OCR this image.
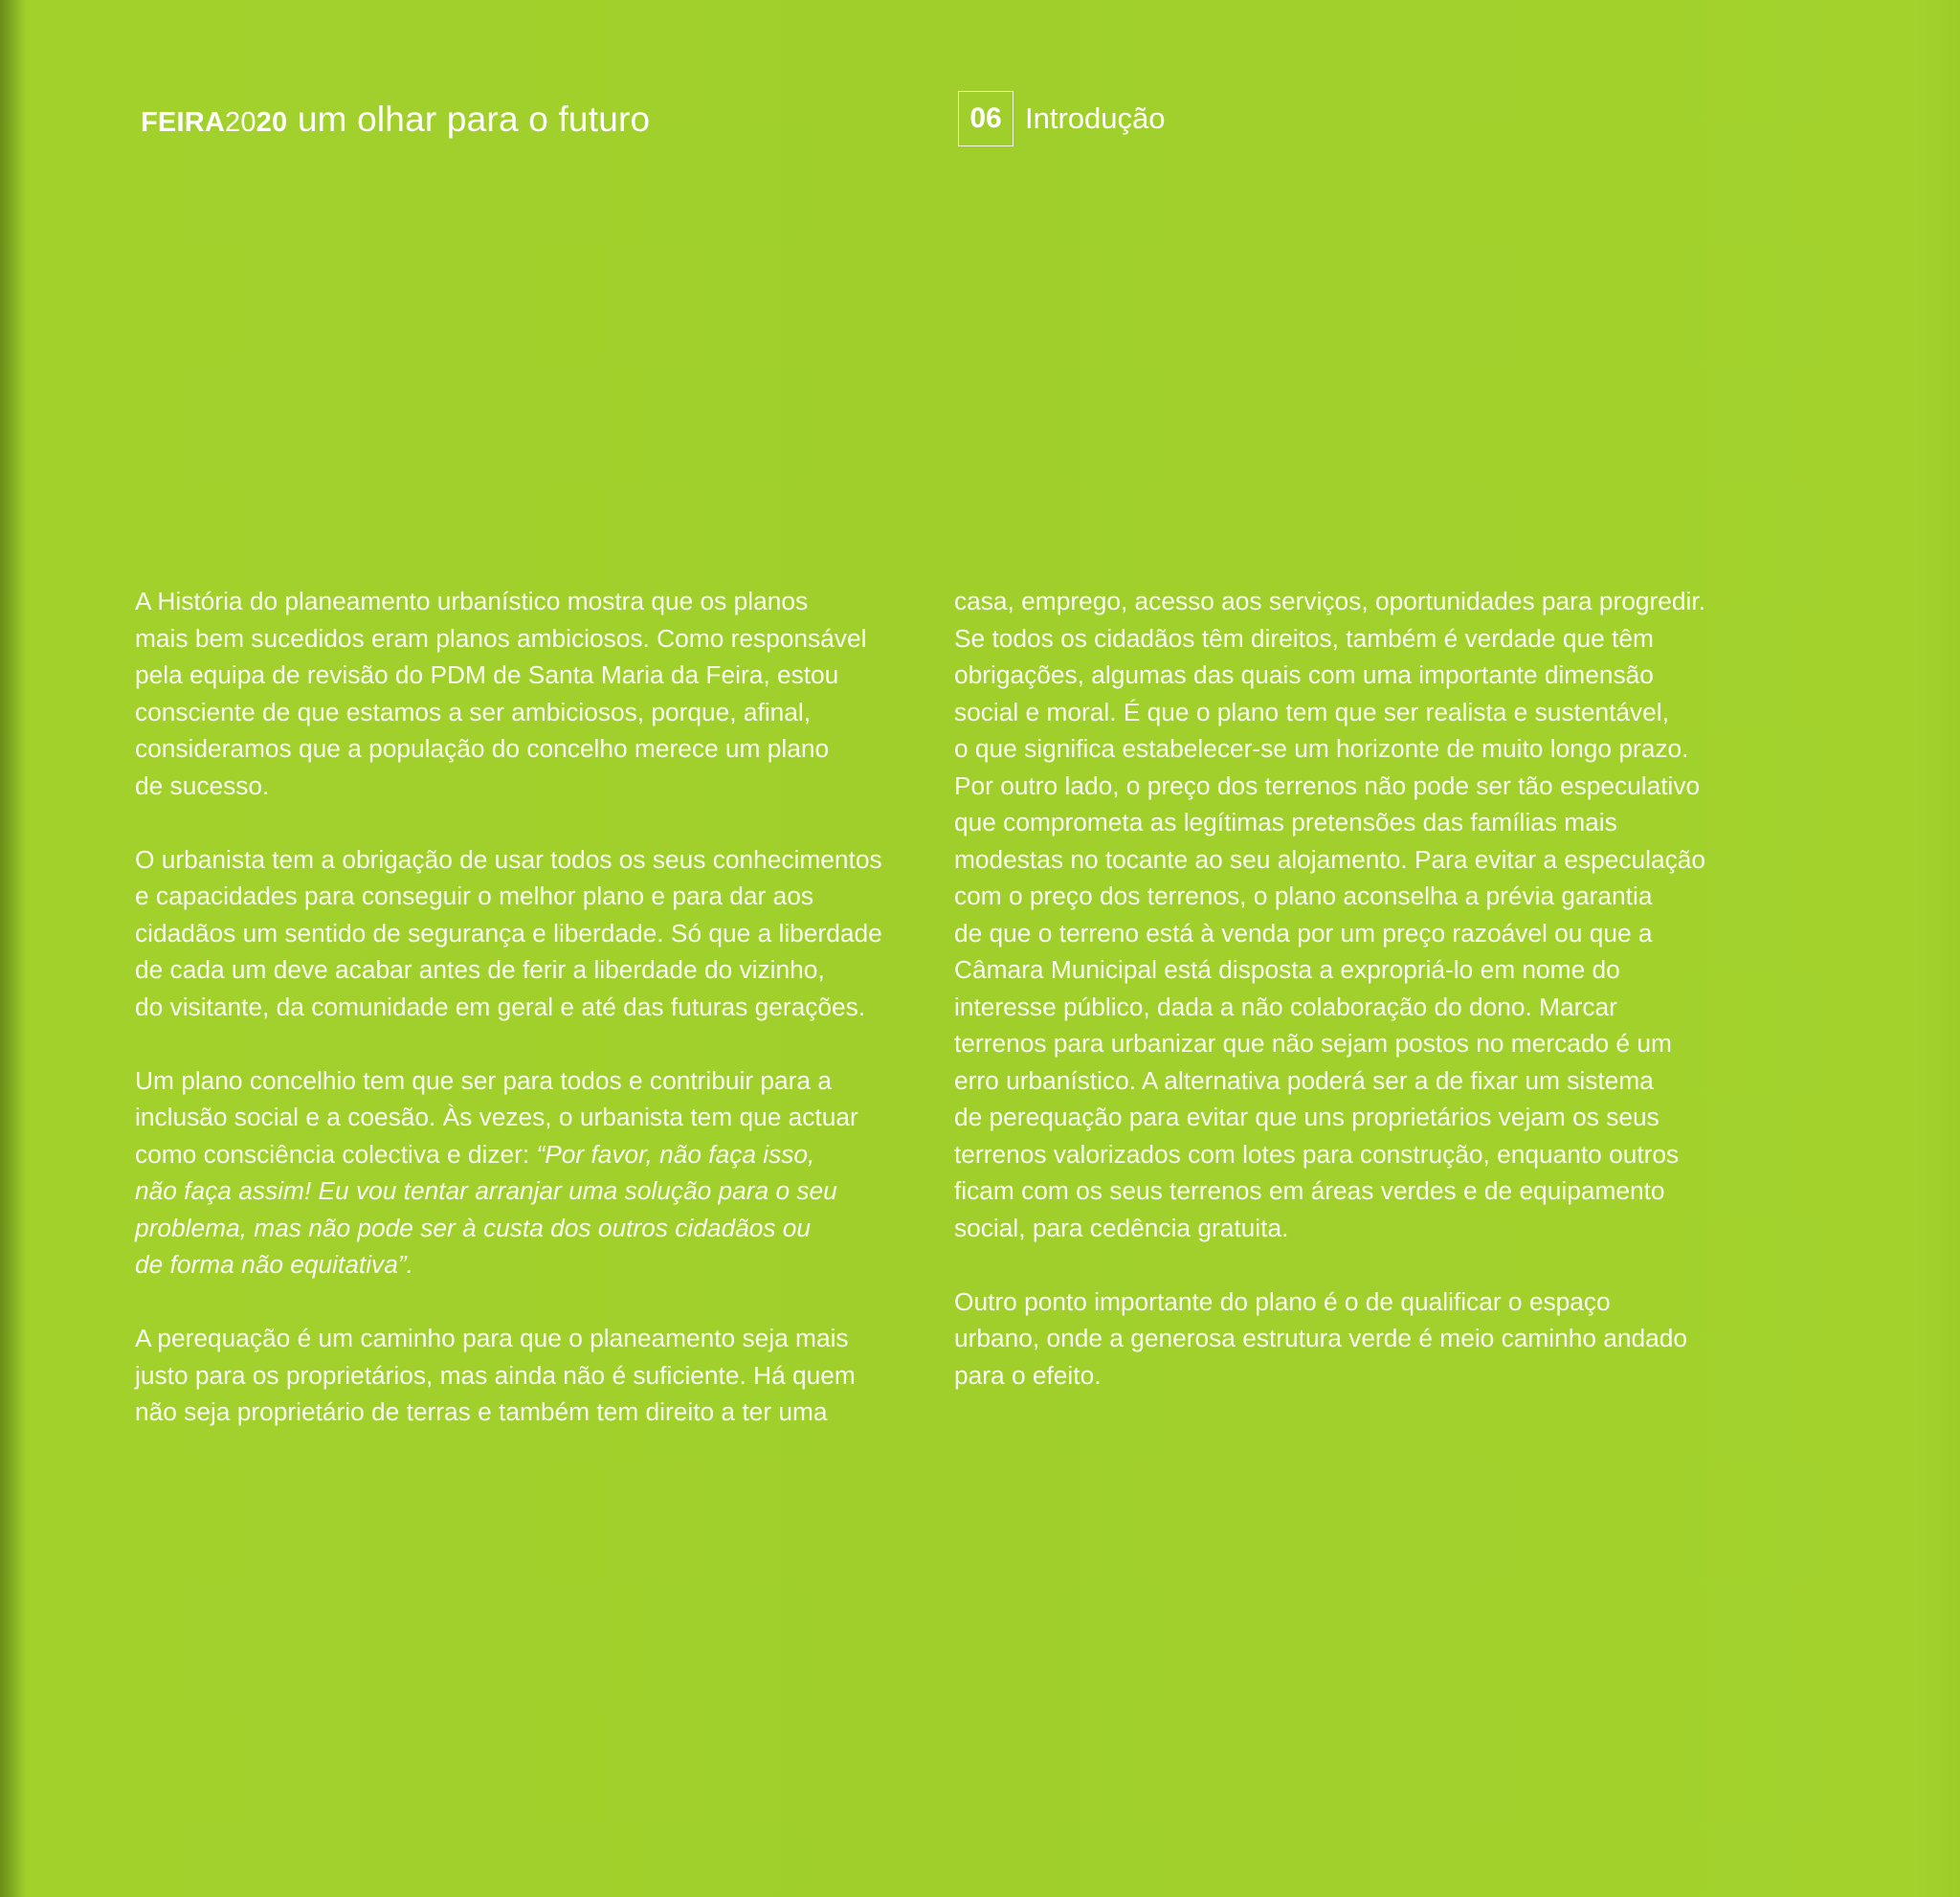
FEIRA2020 um olhar para o futuro	06 Introdução

A História do planeamento urbanístico mostra que os planos
mais bem sucedidos eram planos ambiciosos. Como responsável
pela equipa de revisão do PDM de Santa Maria da Feira, estou
consciente de que estamos a ser ambiciosos, porque, afinal,
consideramos que a população do concelho merece um plano
de sucesso.

O urbanista tem a obrigação de usar todos os seus conhecimentos
e capacidades para conseguir o melhor plano e para dar aos
cidadãos um sentido de segurança e liberdade. Só que a liberdade
de cada um deve acabar antes de ferir a liberdade do vizinho,
do visitante, da comunidade em geral e até das futuras gerações.

Um plano concelhio tem que ser para todos e contribuir para a
inclusão social e a coesão. Às vezes, o urbanista tem que actuar
como consciência colectiva e dizer: “Por favor, não faça isso,
não faça assim! Eu vou tentar arranjar uma solução para o seu
problema, mas não pode ser à custa dos outros cidadãos ou
de forma não equitativa”.

A perequação é um caminho para que o planeamento seja mais
justo para os proprietários, mas ainda não é suficiente. Há quem
não seja proprietário de terras e também tem direito a ter uma

casa, emprego, acesso aos serviços, oportunidades para progredir.
Se todos os cidadãos têm direitos, também é verdade que têm
obrigações, algumas das quais com uma importante dimensão
social e moral. É que o plano tem que ser realista e sustentável,
o que significa estabelecer-se um horizonte de muito longo prazo.
Por outro lado, o preço dos terrenos não pode ser tão especulativo
que comprometa as legítimas pretensões das famílias mais
modestas no tocante ao seu alojamento. Para evitar a especulação
com o preço dos terrenos, o plano aconselha a prévia garantia
de que o terreno está à venda por um preço razoável ou que a
Câmara Municipal está disposta a expropriá-lo em nome do
interesse público, dada a não colaboração do dono. Marcar
terrenos para urbanizar que não sejam postos no mercado é um
erro urbanístico. A alternativa poderá ser a de fixar um sistema
de perequação para evitar que uns proprietários vejam os seus
terrenos valorizados com lotes para construção, enquanto outros
ficam com os seus terrenos em áreas verdes e de equipamento
social, para cedência gratuita.

Outro ponto importante do plano é o de qualificar o espaço
urbano, onde a generosa estrutura verde é meio caminho andado
para o efeito.
